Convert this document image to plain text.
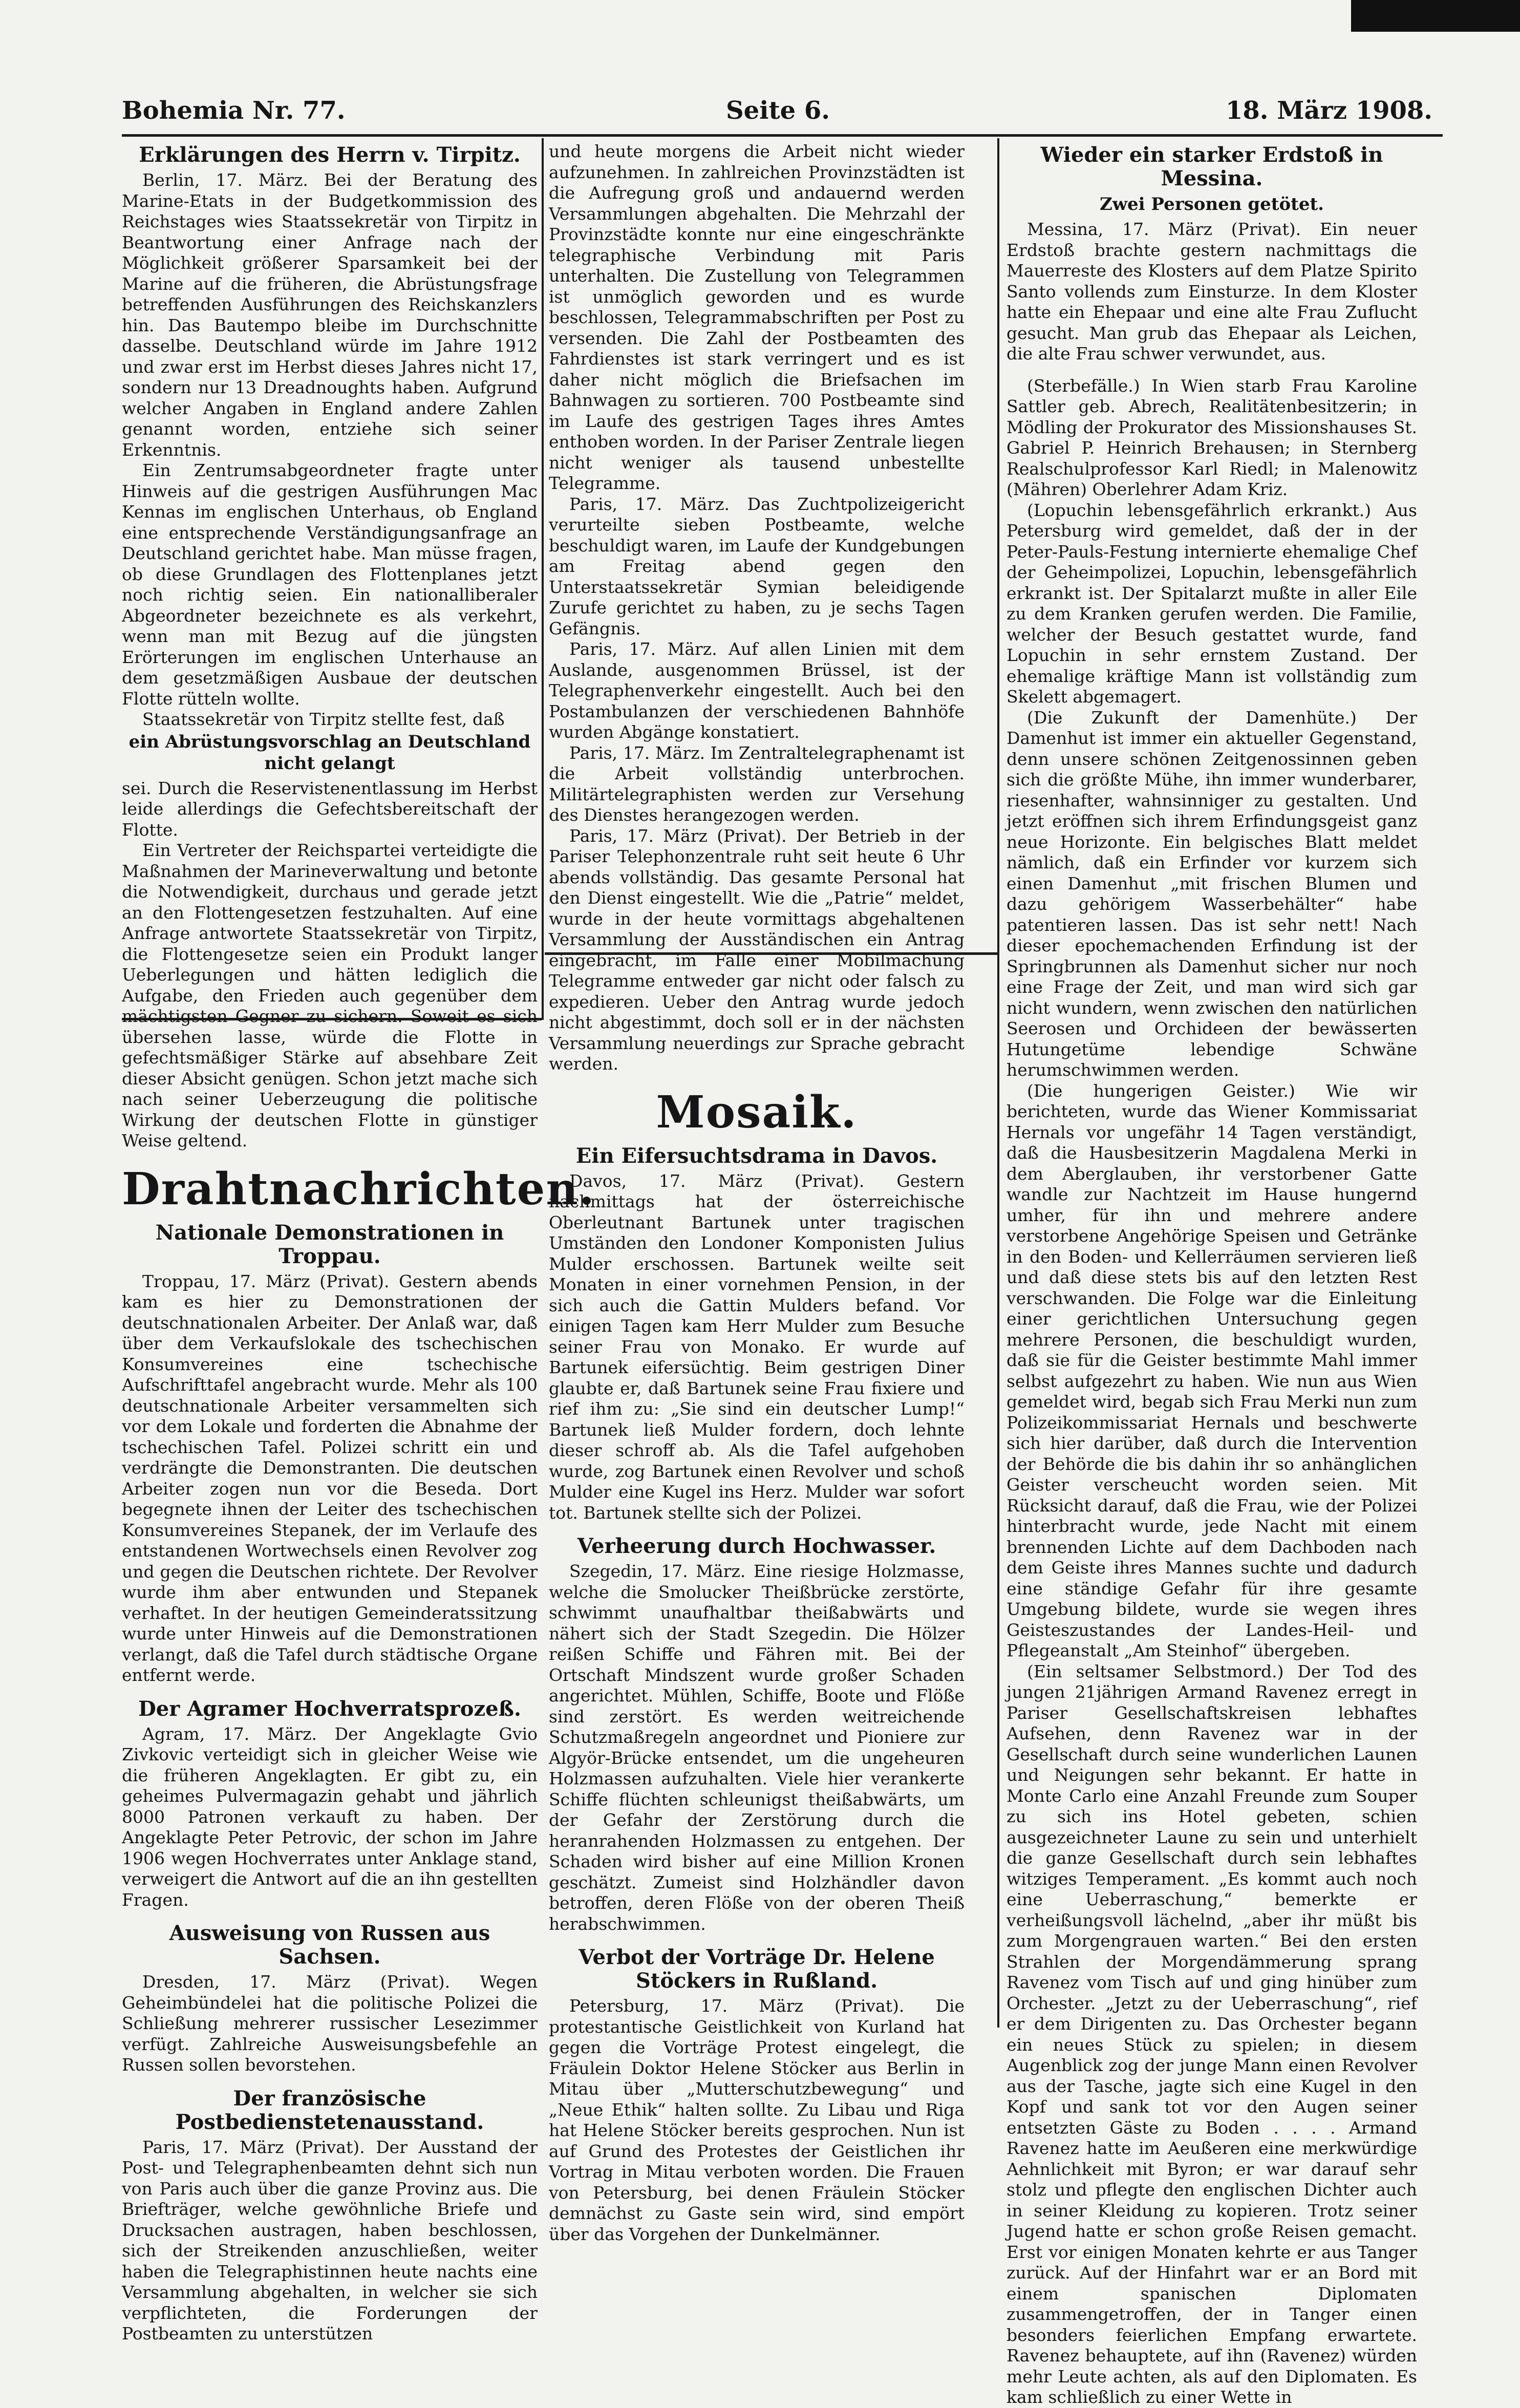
Bohemia Nr. 77.	Seite 6.	18. März 1908.
Erklärungen des Herrn v. Tirpitz.

Berlin, 17. März. Bei der Beratung des Marine-Etats in der Budgetkommission des Reichstages wies Staatssekretär von Tirpitz in Beantwortung einer Anfrage nach der Möglichkeit größerer Sparsamkeit bei der Marine auf die früheren, die Abrüstungsfrage betreffenden Ausführungen des Reichskanzlers hin. Das Bautempo bleibe im Durchschnitte dasselbe. Deutschland würde im Jahre 1912 und zwar erst im Herbst dieses Jahres nicht 17, sondern nur 13 Dreadnoughts haben. Aufgrund welcher Angaben in England andere Zahlen genannt worden, entziehe sich seiner Erkenntnis.

Ein Zentrumsabgeordneter fragte unter Hinweis auf die gestrigen Ausführungen Mac Kennas im englischen Unterhaus, ob England eine entsprechende Verständigungsanfrage an Deutschland gerichtet habe. Man müsse fragen, ob diese Grundlagen des Flottenplanes jetzt noch richtig seien. Ein nationalliberaler Abgeordneter bezeichnete es als verkehrt, wenn man mit Bezug auf die jüngsten Erörterungen im englischen Unterhause an dem gesetzmäßigen Ausbaue der deutschen Flotte rütteln wollte.

Staatssekretär von Tirpitz stellte fest, daß

ein Abrüstungsvorschlag an Deutschland nicht gelangt

sei. Durch die Reservistenentlassung im Herbst leide allerdings die Gefechtsbereitschaft der Flotte.

Ein Vertreter der Reichspartei verteidigte die Maßnahmen der Marineverwaltung und betonte die Notwendigkeit, durchaus und gerade jetzt an den Flottengesetzen festzuhalten. Auf eine Anfrage antwortete Staatssekretär von Tirpitz, die Flottengesetze seien ein Produkt langer Ueberlegungen und hätten lediglich die Aufgabe, den Frieden auch gegenüber dem mächtigsten Gegner zu sichern. Soweit es sich übersehen lasse, würde die Flotte in gefechtsmäßiger Stärke auf absehbare Zeit dieser Absicht genügen. Schon jetzt mache sich nach seiner Ueberzeugung die politische Wirkung der deutschen Flotte in günstiger Weise geltend.

Drahtnachrichten.
Nationale Demonstrationen in Troppau.

Troppau, 17. März (Privat). Gestern abends kam es hier zu Demonstrationen der deutschnationalen Arbeiter. Der Anlaß war, daß über dem Verkaufslokale des tschechischen Konsumvereines eine tschechische Aufschrifttafel angebracht wurde. Mehr als 100 deutschnationale Arbeiter versammelten sich vor dem Lokale und forderten die Abnahme der tschechischen Tafel. Polizei schritt ein und verdrängte die Demonstranten. Die deutschen Arbeiter zogen nun vor die Beseda. Dort begegnete ihnen der Leiter des tschechischen Konsumvereines Stepanek, der im Verlaufe des entstandenen Wortwechsels einen Revolver zog und gegen die Deutschen richtete. Der Revolver wurde ihm aber entwunden und Stepanek verhaftet. In der heutigen Gemeinderatssitzung wurde unter Hinweis auf die Demonstrationen verlangt, daß die Tafel durch städtische Organe entfernt werde.

Der Agramer Hochverratsprozeß.

Agram, 17. März. Der Angeklagte Gvio Zivkovic verteidigt sich in gleicher Weise wie die früheren Angeklagten. Er gibt zu, ein geheimes Pulvermagazin gehabt und jährlich 8000 Patronen verkauft zu haben. Der Angeklagte Peter Petrovic, der schon im Jahre 1906 wegen Hochverrates unter Anklage stand, verweigert die Antwort auf die an ihn gestellten Fragen.

Ausweisung von Russen aus Sachsen.

Dresden, 17. März (Privat). Wegen Geheimbündelei hat die politische Polizei die Schließung mehrerer russischer Lesezimmer verfügt. Zahlreiche Ausweisungsbefehle an Russen sollen bevorstehen.

Der französische Postbedienstetenausstand.

Paris, 17. März (Privat). Der Ausstand der Post- und Telegraphenbeamten dehnt sich nun von Paris auch über die ganze Provinz aus. Die Briefträger, welche gewöhnliche Briefe und Drucksachen austragen, haben beschlossen, sich der Streikenden anzuschließen, weiter haben die Telegraphistinnen heute nachts eine Versammlung abgehalten, in welcher sie sich verpflichteten, die Forderungen der Postbeamten zu unterstützen

und heute morgens die Arbeit nicht wieder aufzunehmen. In zahlreichen Provinzstädten ist die Aufregung groß und andauernd werden Versammlungen abgehalten. Die Mehrzahl der Provinzstädte konnte nur eine eingeschränkte telegraphische Verbindung mit Paris unterhalten. Die Zustellung von Telegrammen ist unmöglich geworden und es wurde beschlossen, Telegrammabschriften per Post zu versenden. Die Zahl der Postbeamten des Fahrdienstes ist stark verringert und es ist daher nicht möglich die Briefsachen im Bahnwagen zu sortieren. 700 Postbeamte sind im Laufe des gestrigen Tages ihres Amtes enthoben worden. In der Pariser Zentrale liegen nicht weniger als tausend unbestellte Telegramme.

Paris, 17. März. Das Zuchtpolizeigericht verurteilte sieben Postbeamte, welche beschuldigt waren, im Laufe der Kundgebungen am Freitag abend gegen den Unterstaatssekretär Symian beleidigende Zurufe gerichtet zu haben, zu je sechs Tagen Gefängnis.

Paris, 17. März. Auf allen Linien mit dem Auslande, ausgenommen Brüssel, ist der Telegraphenverkehr eingestellt. Auch bei den Postambulanzen der verschiedenen Bahnhöfe wurden Abgänge konstatiert.

Paris, 17. März. Im Zentraltelegraphenamt ist die Arbeit vollständig unterbrochen. Militärtelegraphisten werden zur Versehung des Dienstes herangezogen werden.

Paris, 17. März (Privat). Der Betrieb in der Pariser Telephonzentrale ruht seit heute 6 Uhr abends vollständig. Das gesamte Personal hat den Dienst eingestellt. Wie die „Patrie“ meldet, wurde in der heute vormittags abgehaltenen Versammlung der Ausständischen ein Antrag eingebracht, im Falle einer Mobilmachung Telegramme entweder gar nicht oder falsch zu expedieren. Ueber den Antrag wurde jedoch nicht abgestimmt, doch soll er in der nächsten Versammlung neuerdings zur Sprache gebracht werden.

Mosaik.
Ein Eifersuchtsdrama in Davos.

Davos, 17. März (Privat). Gestern nachmittags hat der österreichische Oberleutnant Bartunek unter tragischen Umständen den Londoner Komponisten Julius Mulder erschossen. Bartunek weilte seit Monaten in einer vornehmen Pension, in der sich auch die Gattin Mulders befand. Vor einigen Tagen kam Herr Mulder zum Besuche seiner Frau von Monako. Er wurde auf Bartunek eifersüchtig. Beim gestrigen Diner glaubte er, daß Bartunek seine Frau fixiere und rief ihm zu: „Sie sind ein deutscher Lump!“ Bartunek ließ Mulder fordern, doch lehnte dieser schroff ab. Als die Tafel aufgehoben wurde, zog Bartunek einen Revolver und schoß Mulder eine Kugel ins Herz. Mulder war sofort tot. Bartunek stellte sich der Polizei.

Verheerung durch Hochwasser.

Szegedin, 17. März. Eine riesige Holzmasse, welche die Smolucker Theißbrücke zerstörte, schwimmt unaufhaltbar theißabwärts und nähert sich der Stadt Szegedin. Die Hölzer reißen Schiffe und Fähren mit. Bei der Ortschaft Mindszent wurde großer Schaden angerichtet. Mühlen, Schiffe, Boote und Flöße sind zerstört. Es werden weitreichende Schutzmaßregeln angeordnet und Pioniere zur Algyör-Brücke entsendet, um die ungeheuren Holzmassen aufzuhalten. Viele hier verankerte Schiffe flüchten schleunigst theißabwärts, um der Gefahr der Zerstörung durch die heranrahenden Holzmassen zu entgehen. Der Schaden wird bisher auf eine Million Kronen geschätzt. Zumeist sind Holzhändler davon betroffen, deren Flöße von der oberen Theiß herabschwimmen.

Verbot der Vorträge Dr. Helene Stöckers in Rußland.

Petersburg, 17. März (Privat). Die protestantische Geistlichkeit von Kurland hat gegen die Vorträge Protest eingelegt, die Fräulein Doktor Helene Stöcker aus Berlin in Mitau über „Mutterschutzbewegung“ und „Neue Ethik“ halten sollte. Zu Libau und Riga hat Helene Stöcker bereits gesprochen. Nun ist auf Grund des Protestes der Geistlichen ihr Vortrag in Mitau verboten worden. Die Frauen von Petersburg, bei denen Fräulein Stöcker demnächst zu Gaste sein wird, sind empört über das Vorgehen der Dunkelmänner.

Wieder ein starker Erdstoß in Messina.
Zwei Personen getötet.

Messina, 17. März (Privat). Ein neuer Erdstoß brachte gestern nachmittags die Mauerreste des Klosters auf dem Platze Spirito Santo vollends zum Einsturze. In dem Kloster hatte ein Ehepaar und eine alte Frau Zuflucht gesucht. Man grub das Ehepaar als Leichen, die alte Frau schwer verwundet, aus.

(Sterbefälle.) In Wien starb Frau Karoline Sattler geb. Abrech, Realitätenbesitzerin; in Mödling der Prokurator des Missionshauses St. Gabriel P. Heinrich Brehausen; in Sternberg Realschulprofessor Karl Riedl; in Malenowitz (Mähren) Oberlehrer Adam Kriz.

(Lopuchin lebensgefährlich erkrankt.) Aus Petersburg wird gemeldet, daß der in der Peter-Pauls-Festung internierte ehemalige Chef der Geheimpolizei, Lopuchin, lebensgefährlich erkrankt ist. Der Spitalarzt mußte in aller Eile zu dem Kranken gerufen werden. Die Familie, welcher der Besuch gestattet wurde, fand Lopuchin in sehr ernstem Zustand. Der ehemalige kräftige Mann ist vollständig zum Skelett abgemagert.

(Die Zukunft der Damenhüte.) Der Damenhut ist immer ein aktueller Gegenstand, denn unsere schönen Zeitgenossinnen geben sich die größte Mühe, ihn immer wunderbarer, riesenhafter, wahnsinniger zu gestalten. Und jetzt eröffnen sich ihrem Erfindungsgeist ganz neue Horizonte. Ein belgisches Blatt meldet nämlich, daß ein Erfinder vor kurzem sich einen Damenhut „mit frischen Blumen und dazu gehörigem Wasserbehälter“ habe patentieren lassen. Das ist sehr nett! Nach dieser epochemachenden Erfindung ist der Springbrunnen als Damenhut sicher nur noch eine Frage der Zeit, und man wird sich gar nicht wundern, wenn zwischen den natürlichen Seerosen und Orchideen der bewässerten Hutungetüme lebendige Schwäne herumschwimmen werden.

(Die hungerigen Geister.) Wie wir berichteten, wurde das Wiener Kommissariat Hernals vor ungefähr 14 Tagen verständigt, daß die Hausbesitzerin Magdalena Merki in dem Aberglauben, ihr verstorbener Gatte wandle zur Nachtzeit im Hause hungernd umher, für ihn und mehrere andere verstorbene Angehörige Speisen und Getränke in den Boden- und Kellerräumen servieren ließ und daß diese stets bis auf den letzten Rest verschwanden. Die Folge war die Einleitung einer gerichtlichen Untersuchung gegen mehrere Personen, die beschuldigt wurden, daß sie für die Geister bestimmte Mahl immer selbst aufgezehrt zu haben. Wie nun aus Wien gemeldet wird, begab sich Frau Merki nun zum Polizeikommissariat Hernals und beschwerte sich hier darüber, daß durch die Intervention der Behörde die bis dahin ihr so anhänglichen Geister verscheucht worden seien. Mit Rücksicht darauf, daß die Frau, wie der Polizei hinterbracht wurde, jede Nacht mit einem brennenden Lichte auf dem Dachboden nach dem Geiste ihres Mannes suchte und dadurch eine ständige Gefahr für ihre gesamte Umgebung bildete, wurde sie wegen ihres Geisteszustandes der Landes-Heil- und Pflegeanstalt „Am Steinhof“ übergeben.

(Ein seltsamer Selbstmord.) Der Tod des jungen 21jährigen Armand Ravenez erregt in Pariser Gesellschaftskreisen lebhaftes Aufsehen, denn Ravenez war in der Gesellschaft durch seine wunderlichen Launen und Neigungen sehr bekannt. Er hatte in Monte Carlo eine Anzahl Freunde zum Souper zu sich ins Hotel gebeten, schien ausgezeichneter Laune zu sein und unterhielt die ganze Gesellschaft durch sein lebhaftes witziges Temperament. „Es kommt auch noch eine Ueberraschung,“ bemerkte er verheißungsvoll lächelnd, „aber ihr müßt bis zum Morgengrauen warten.“ Bei den ersten Strahlen der Morgendämmerung sprang Ravenez vom Tisch auf und ging hinüber zum Orchester. „Jetzt zu der Ueberraschung“, rief er dem Dirigenten zu. Das Orchester begann ein neues Stück zu spielen; in diesem Augenblick zog der junge Mann einen Revolver aus der Tasche, jagte sich eine Kugel in den Kopf und sank tot vor den Augen seiner entsetzten Gäste zu Boden . . . . Armand Ravenez hatte im Aeußeren eine merkwürdige Aehnlichkeit mit Byron; er war darauf sehr stolz und pflegte den englischen Dichter auch in seiner Kleidung zu kopieren. Trotz seiner Jugend hatte er schon große Reisen gemacht. Erst vor einigen Monaten kehrte er aus Tanger zurück. Auf der Hinfahrt war er an Bord mit einem spanischen Diplomaten zusammengetroffen, der in Tanger einen besonders feierlichen Empfang erwartete. Ravenez behauptete, auf ihn (Ravenez) würden mehr Leute achten, als auf den Diplomaten. Es kam schließlich zu einer Wette in
